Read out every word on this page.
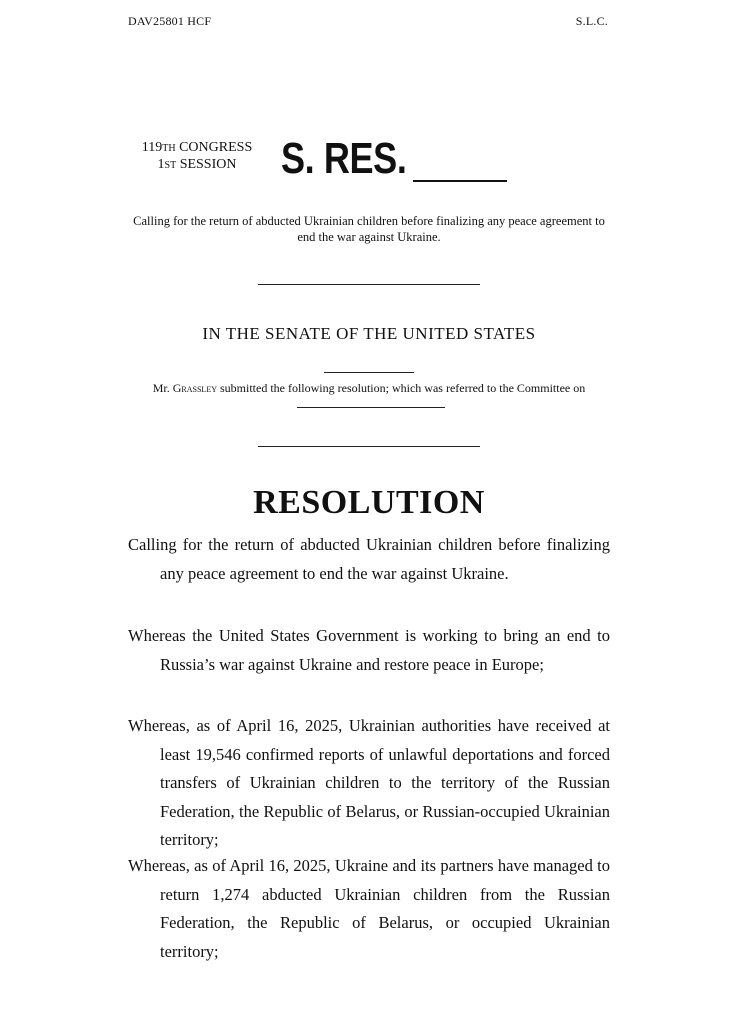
DAV25801 HCF	S.L.C.
119TH CONGRESS
1ST SESSION	S. RES.
Calling for the return of abducted Ukrainian children before finalizing any peace agreement to end the war against Ukraine.
IN THE SENATE OF THE UNITED STATES
Mr. Grassley submitted the following resolution; which was referred to the Committee on
RESOLUTION
Calling for the return of abducted Ukrainian children before finalizing any peace agreement to end the war against Ukraine.
Whereas the United States Government is working to bring an end to Russia’s war against Ukraine and restore peace in Europe;
Whereas, as of April 16, 2025, Ukrainian authorities have received at least 19,546 confirmed reports of unlawful deportations and forced transfers of Ukrainian children to the territory of the Russian Federation, the Republic of Belarus, or Russian-occupied Ukrainian territory;
Whereas, as of April 16, 2025, Ukraine and its partners have managed to return 1,274 abducted Ukrainian children from the Russian Federation, the Republic of Belarus, or occupied Ukrainian territory;
